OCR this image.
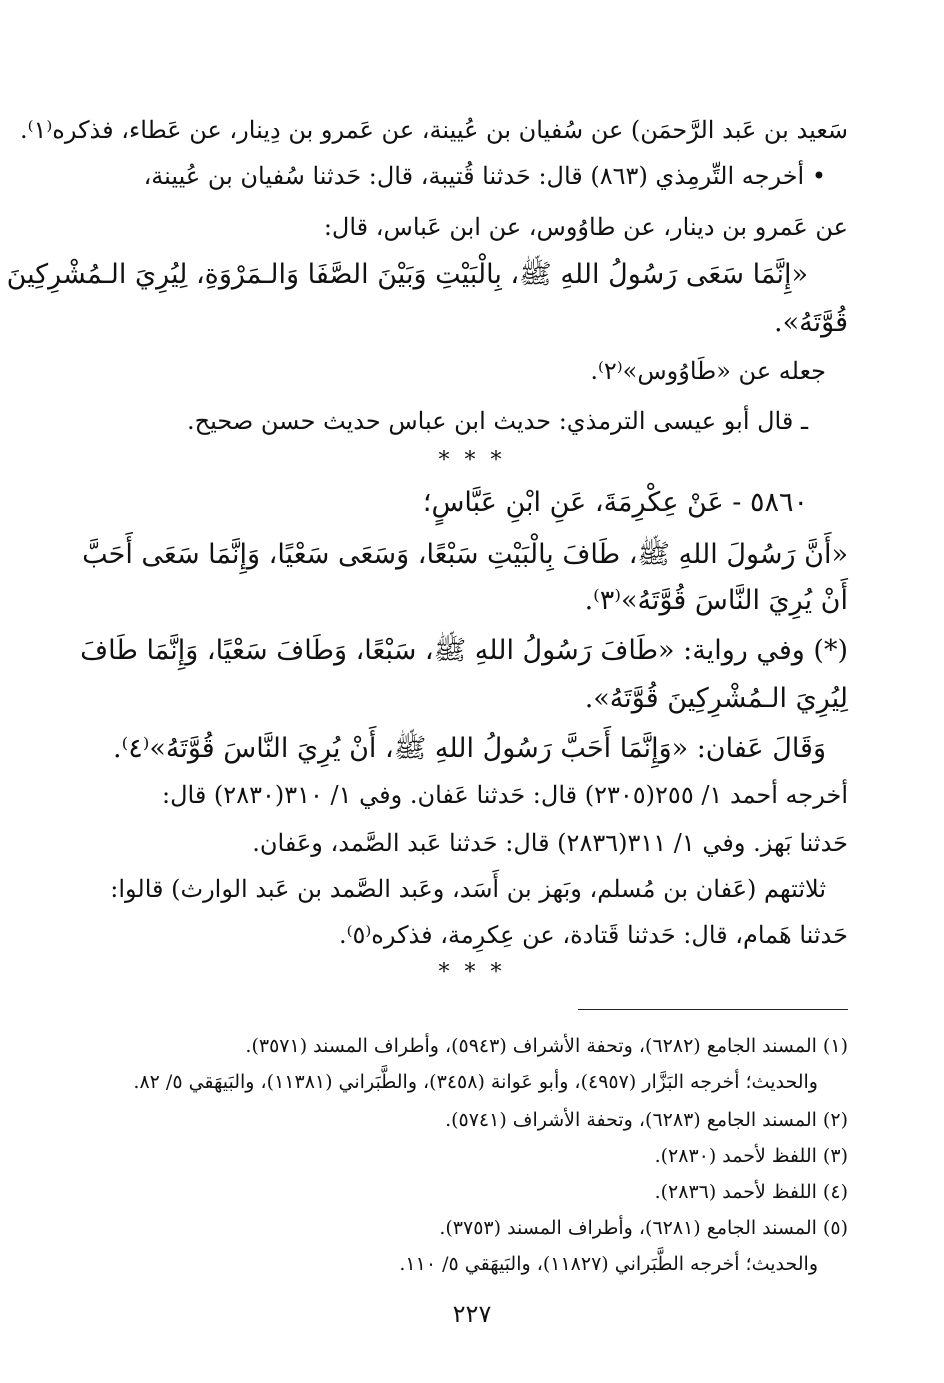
سَعيد بن عَبد الرَّحمَن) عن سُفيان بن عُيينة، عن عَمرو بن دِينار، عن عَطاء، فذكره⁽١⁾.
• أخرجه التِّرمِذي (٨٦٣) قال: حَدثنا قُتيبة، قال: حَدثنا سُفيان بن عُيينة،
عن عَمرو بن دينار، عن طاوُوس، عن ابن عَباس، قال:
«إِنَّمَا سَعَى رَسُولُ اللهِ ﷺ، بِالْبَيْتِ وَبَيْنَ الصَّفَا وَالـمَرْوَةِ، لِيُرِيَ الـمُشْرِكِينَ
قُوَّتَهُ».
جعله عن «طَاوُوس»⁽٢⁾.
ـ قال أبو عيسى الترمذي: حديث ابن عباس حديث حسن صحيح.
* * *
٥٨٦٠ - عَنْ عِكْرِمَةَ، عَنِ ابْنِ عَبَّاسٍ؛
«أَنَّ رَسُولَ اللهِ ﷺ، طَافَ بِالْبَيْتِ سَبْعًا، وَسَعَى سَعْيًا، وَإِنَّمَا سَعَى أَحَبَّ
أَنْ يُرِيَ النَّاسَ قُوَّتَهُ»⁽٣⁾.
(*) وفي رواية: «طَافَ رَسُولُ اللهِ ﷺ، سَبْعًا، وَطَافَ سَعْيًا، وَإِنَّمَا طَافَ
لِيُرِيَ الـمُشْرِكِينَ قُوَّتَهُ».
وَقَالَ عَفان: «وَإِنَّمَا أَحَبَّ رَسُولُ اللهِ ﷺ، أَنْ يُرِيَ النَّاسَ قُوَّتَهُ»⁽٤⁾.
أخرجه أحمد ١/ ٢٥٥(٢٣٠٥) قال: حَدثنا عَفان. وفي ١/ ٣١٠(٢٨٣٠) قال:
حَدثنا بَهز. وفي ١/ ٣١١(٢٨٣٦) قال: حَدثنا عَبد الصَّمد، وعَفان.
ثلاثتهم (عَفان بن مُسلم، وبَهز بن أَسَد، وعَبد الصَّمد بن عَبد الوارث) قالوا:
حَدثنا هَمام، قال: حَدثنا قَتادة، عن عِكرِمة، فذكره⁽٥⁾.
* * *
(١) المسند الجامع (٦٢٨٢)، وتحفة الأشراف (٥٩٤٣)، وأطراف المسند (٣٥٧١).
والحديث؛ أخرجه البَزَّار (٤٩٥٧)، وأبو عَوانة (٣٤٥٨)، والطَّبَراني (١١٣٨١)، والبَيهَقي ٥/ ٨٢.
(٢) المسند الجامع (٦٢٨٣)، وتحفة الأشراف (٥٧٤١).
(٣) اللفظ لأحمد (٢٨٣٠).
(٤) اللفظ لأحمد (٢٨٣٦).
(٥) المسند الجامع (٦٢٨١)، وأطراف المسند (٣٧٥٣).
والحديث؛ أخرجه الطَّبَراني (١١٨٢٧)، والبَيهَقي ٥/ ١١٠.
٢٢٧
